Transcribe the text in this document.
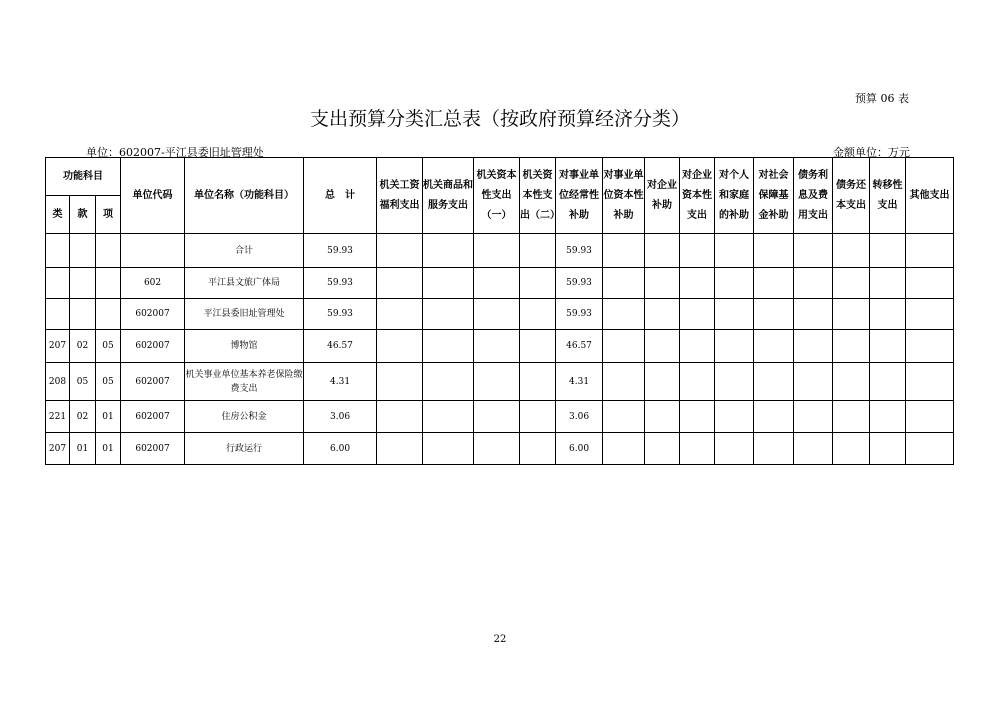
预算 06 表
支出预算分类汇总表（按政府预算经济分类）
单位：602007-平江县委旧址管理处	金额单位：万元
功能科目			单位代码	单位名称（功能科目）	总　计	机关工资福利支出	机关商品和服务支出	机关资本性支出（一）	机关资本性支出（二）	对事业单位经常性补助	对事业单位资本性补助	对企业补助	对企业资本性支出	对个人和家庭的补助	对社会保障基金补助	债务利息及费用支出	债务还本支出	转移性支出	其他支出
类	款	项																	
				合计	59.93					59.93									
			602	平江县文旅广体局	59.93					59.93									
			602007	平江县委旧址管理处	59.93					59.93									
207	02	05	602007	博物馆	46.57					46.57									
208	05	05	602007	机关事业单位基本养老保险缴费支出	4.31					4.31									
221	02	01	602007	住房公积金	3.06					3.06									
207	01	01	602007	行政运行	6.00					6.00									
22
